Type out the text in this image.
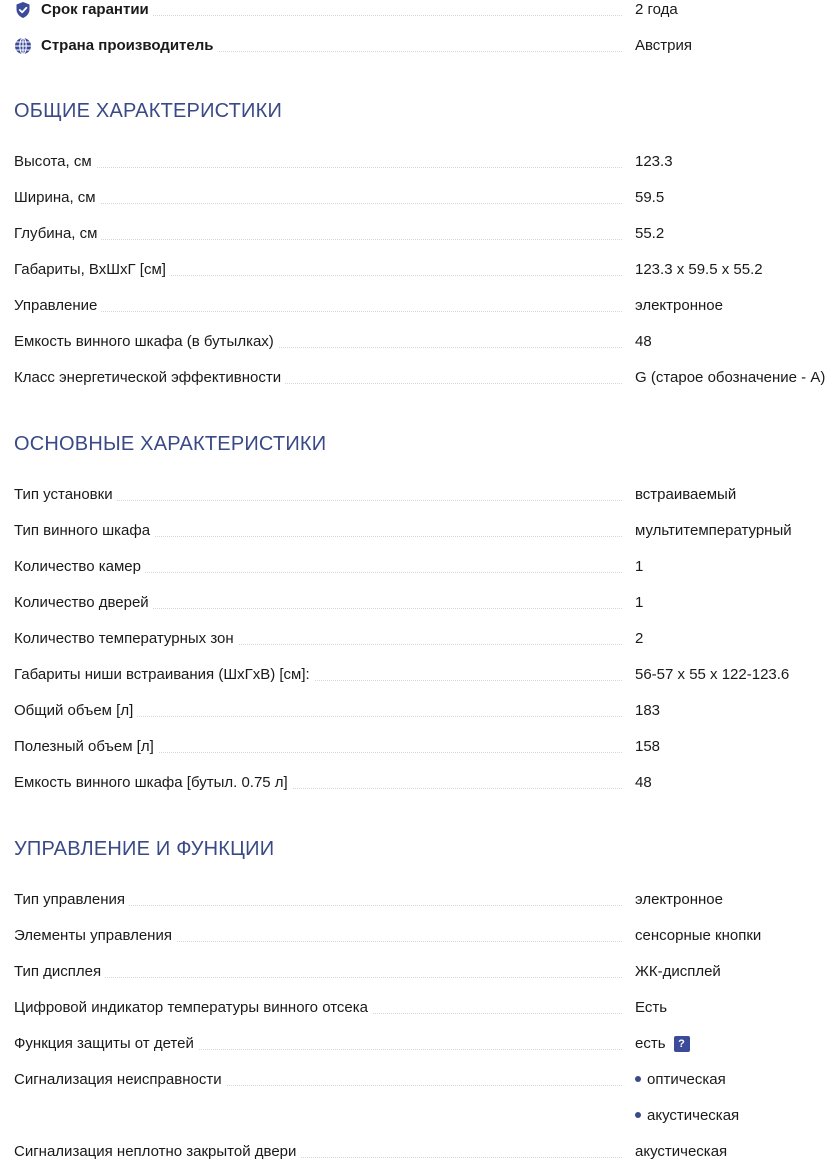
Срок гарантии	2 года
Страна производитель	Австрия
ОБЩИЕ ХАРАКТЕРИСТИКИ
Высота, см	123.3
Ширина, см	59.5
Глубина, см	55.2
Габариты, ВхШхГ [см]	123.3 x 59.5 x 55.2
Управление	электронное
Емкость винного шкафа (в бутылках)	48
Класс энергетической эффективности	G (старое обозначение - A)
ОСНОВНЫЕ ХАРАКТЕРИСТИКИ
Тип установки	встраиваемый
Тип винного шкафа	мультитемпературный
Количество камер	1
Количество дверей	1
Количество температурных зон	2
Габариты ниши встраивания (ШхГхВ) [см]:	56-57 x 55 x 122-123.6
Общий объем [л]	183
Полезный объем [л]	158
Емкость винного шкафа [бутыл. 0.75 л]	48
УПРАВЛЕНИЕ И ФУНКЦИИ
Тип управления	электронное
Элементы управления	сенсорные кнопки
Тип дисплея	ЖК-дисплей
Цифровой индикатор температуры винного отсека	Есть
Функция защиты от детей	есть ?
Сигнализация неисправности	оптическая
акустическая
Сигнализация неплотно закрытой двери	акустическая
